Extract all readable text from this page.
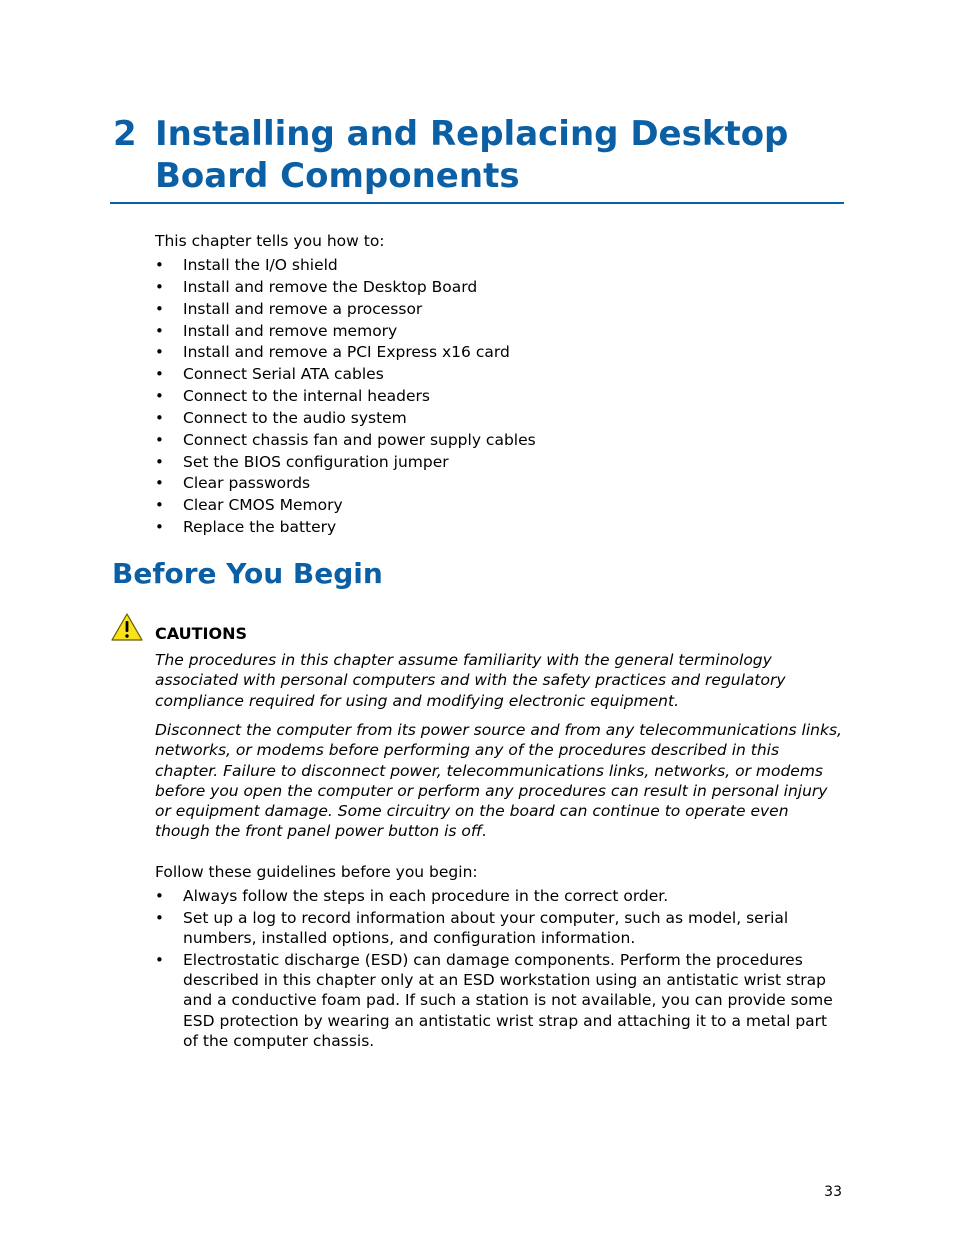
2 Installing and Replacing Desktop Board Components

This chapter tells you how to:

• Install the I/O shield
• Install and remove the Desktop Board
• Install and remove a processor
• Install and remove memory
• Install and remove a PCI Express x16 card
• Connect Serial ATA cables
• Connect to the internal headers
• Connect to the audio system
• Connect chassis fan and power supply cables
• Set the BIOS configuration jumper
• Clear passwords
• Clear CMOS Memory
• Replace the battery
Before You Begin

CAUTIONS

The procedures in this chapter assume familiarity with the general terminology associated with personal computers and with the safety practices and regulatory compliance required for using and modifying electronic equipment.

Disconnect the computer from its power source and from any telecommunications links, networks, or modems before performing any of the procedures described in this chapter. Failure to disconnect power, telecommunications links, networks, or modems before you open the computer or perform any procedures can result in personal injury or equipment damage. Some circuitry on the board can continue to operate even though the front panel power button is off.

Follow these guidelines before you begin:

• Always follow the steps in each procedure in the correct order.
• Set up a log to record information about your computer, such as model, serial numbers, installed options, and configuration information.
• Electrostatic discharge (ESD) can damage components. Perform the procedures described in this chapter only at an ESD workstation using an antistatic wrist strap and a conductive foam pad. If such a station is not available, you can provide some ESD protection by wearing an antistatic wrist strap and attaching it to a metal part of the computer chassis.
33
